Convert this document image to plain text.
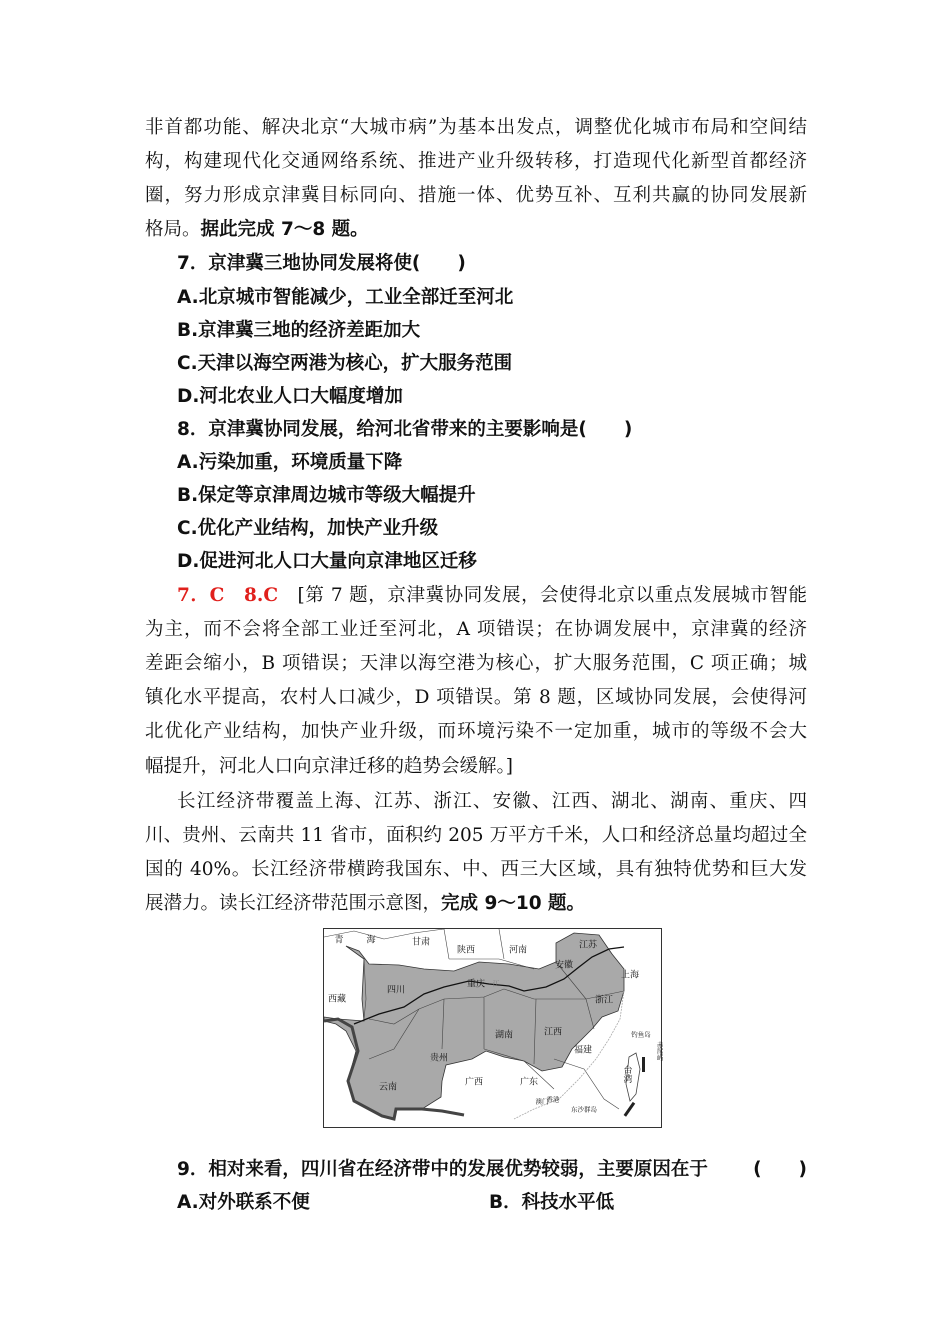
非首都功能、解决北京“大城市病”为基本出发点，调整优化城市布局和空间结
构，构建现代化交通网络系统、推进产业升级转移，打造现代化新型首都经济
圈，努力形成京津冀目标同向、措施一体、优势互补、互利共赢的协同发展新
格局。据此完成 7～8 题。
7．京津冀三地协同发展将使(　　)
A.北京城市智能减少，工业全部迁至河北
B.京津冀三地的经济差距加大
C.天津以海空两港为核心，扩大服务范围
D.河北农业人口大幅度增加
8．京津冀协同发展，给河北省带来的主要影响是(　　)
A.污染加重，环境质量下降
B.保定等京津周边城市等级大幅提升
C.优化产业结构，加快产业升级
D.促进河北人口大量向京津地区迁移
7．C　8.C [第 7 题，京津冀协同发展，会使得北京以重点发展城市智能
为主，而不会将全部工业迁至河北，A 项错误；在协调发展中，京津冀的经济
差距会缩小，B 项错误；天津以海空港为核心，扩大服务范围，C 项正确；城
镇化水平提高，农村人口减少，D 项错误。第 8 题，区域协同发展，会使得河
北优化产业结构，加快产业升级，而环境污染不一定加重，城市的等级不会大
幅提升，河北人口向京津迁移的趋势会缓解。]
长江经济带覆盖上海、江苏、浙江、安徽、江西、湖北、湖南、重庆、四
川、贵州、云南共 11 省市，面积约 205 万平方千米，人口和经济总量均超过全
国的 40%。长江经济带横跨我国东、中、西三大区域，具有独特优势和巨大发
展潜力。读长江经济带范围示意图，完成 9～10 题。
青	海	甘肃
陕西	河南	江苏
安徽
上海
重庆 江
四川
西藏	浙江
湖南	江西
福建
钓鱼岛
赤尾屿
贵州
台湾
广西	广东
云南
澳门
香港
东沙群岛
9．相对来看，四川省在经济带中的发展优势较弱，主要原因在于 (　　)
A.对外联系不便	B．科技水平低
